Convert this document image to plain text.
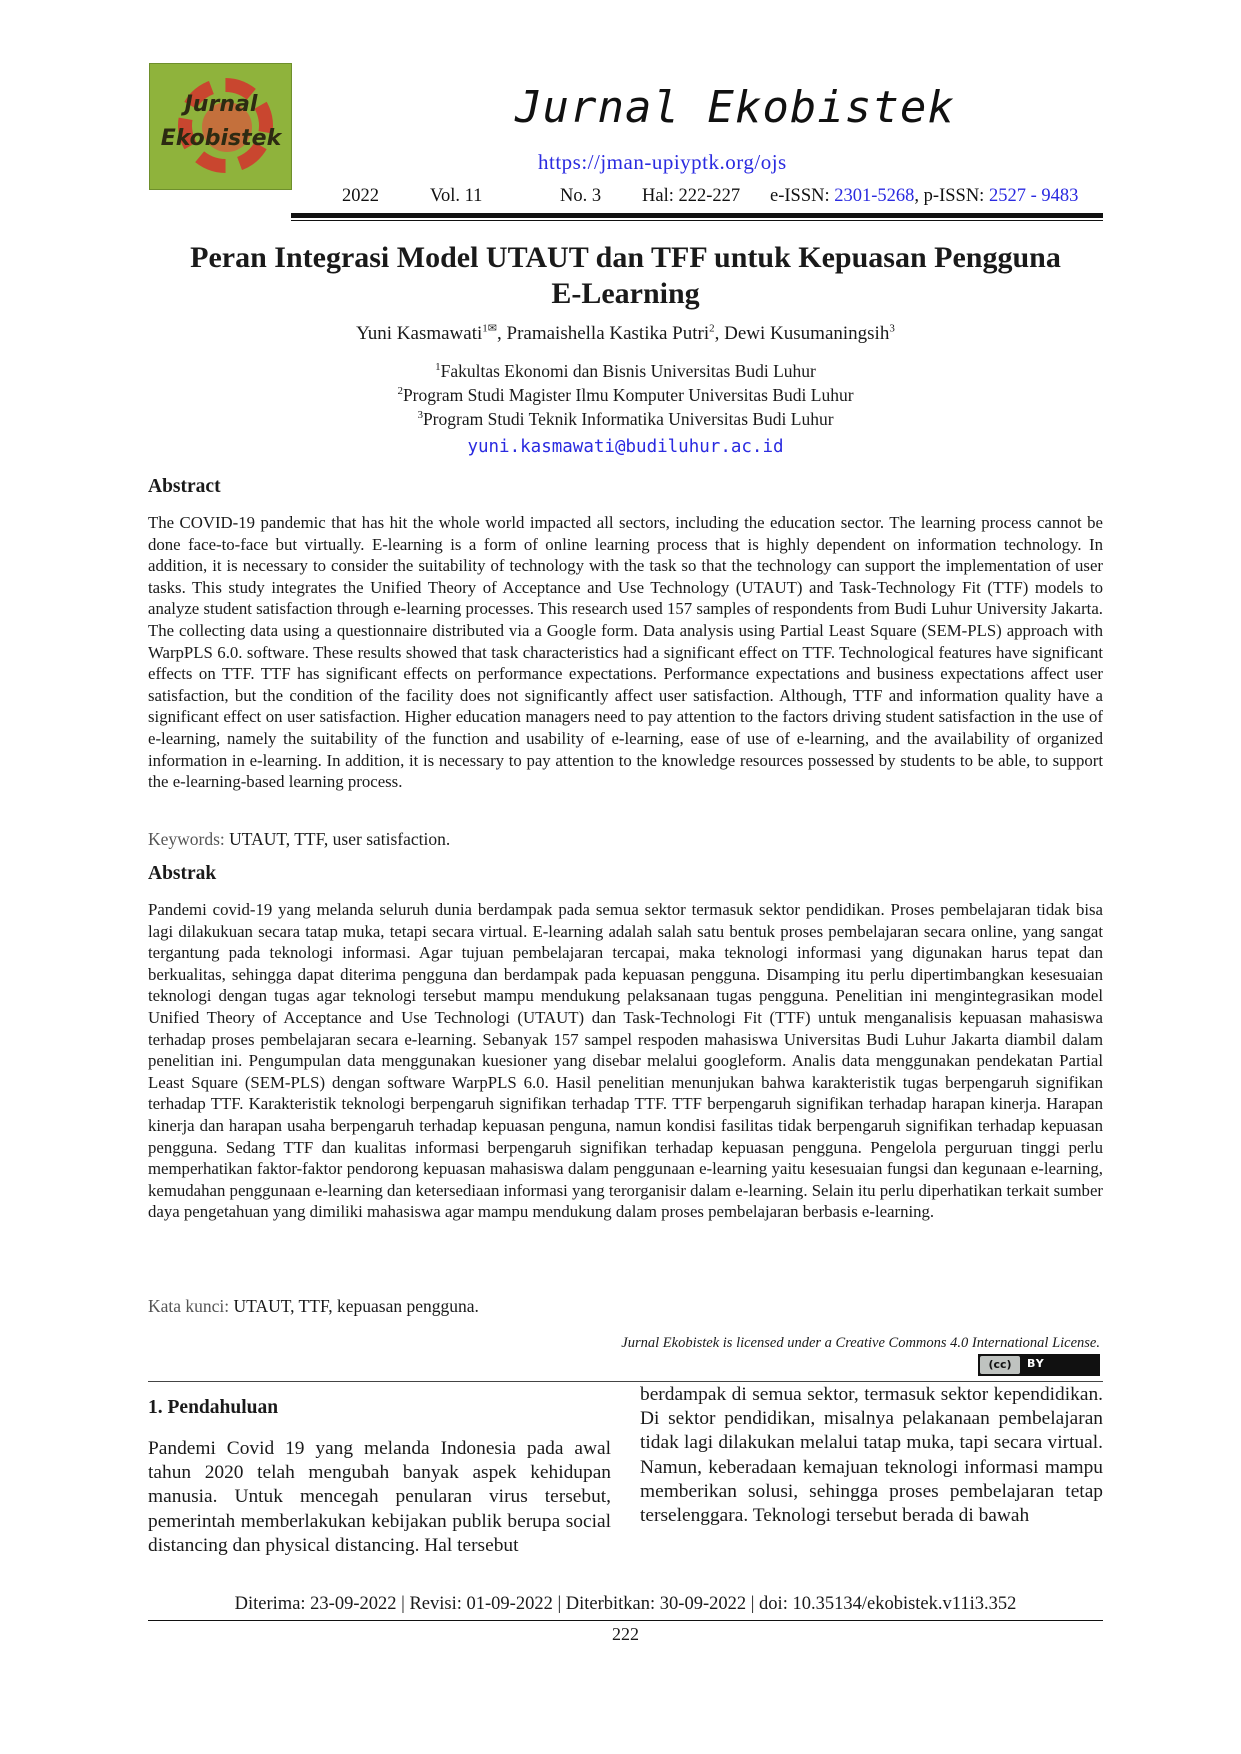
Jurnal
Ekobistek
Jurnal Ekobistek
https://jman-upiyptk.org/ojs
2022	Vol. 11	No. 3 Hal: 222-227 e-ISSN: 2301-5268, p-ISSN: 2527 - 9483
Peran Integrasi Model UTAUT dan TFF untuk Kepuasan Pengguna
E-Learning
Yuni Kasmawati$^{1✉}$, Pramaishella Kastika Putri$^2$, Dewi Kusumaningsih$^3$
$^1$Fakultas Ekonomi dan Bisnis Universitas Budi Luhur
$^2$Program Studi Magister Ilmu Komputer Universitas Budi Luhur
$^3$Program Studi Teknik Informatika Universitas Budi Luhur
yuni.kasmawati@budiluhur.ac.id
Abstract
The COVID-19 pandemic that has hit the whole world impacted all sectors, including the education sector. The learning process cannot be done face-to-face but virtually. E-learning is a form of online learning process that is highly dependent on information technology. In addition, it is necessary to consider the suitability of technology with the task so that the technology can support the implementation of user tasks. This study integrates the Unified Theory of Acceptance and Use Technology (UTAUT) and Task-Technology Fit (TTF) models to analyze student satisfaction through e-learning processes. This research used 157 samples of respondents from Budi Luhur University Jakarta. The collecting data using a questionnaire distributed via a Google form. Data analysis using Partial Least Square (SEM-PLS) approach with WarpPLS 6.0. software. These results showed that task characteristics had a significant effect on TTF. Technological features have significant effects on TTF. TTF has significant effects on performance expectations. Performance expectations and business expectations affect user satisfaction, but the condition of the facility does not significantly affect user satisfaction. Although, TTF and information quality have a significant effect on user satisfaction. Higher education managers need to pay attention to the factors driving student satisfaction in the use of e-learning, namely the suitability of the function and usability of e-learning, ease of use of e-learning, and the availability of organized information in e-learning. In addition, it is necessary to pay attention to the knowledge resources possessed by students to be able, to support the e-learning-based learning process.
Keywords: UTAUT, TTF, user satisfaction.
Abstrak
Pandemi covid-19 yang melanda seluruh dunia berdampak pada semua sektor termasuk sektor pendidikan. Proses pembelajaran tidak bisa lagi dilakukuan secara tatap muka, tetapi secara virtual. E-learning adalah salah satu bentuk proses pembelajaran secara online, yang sangat tergantung pada teknologi informasi. Agar tujuan pembelajaran tercapai, maka teknologi informasi yang digunakan harus tepat dan berkualitas, sehingga dapat diterima pengguna dan berdampak pada kepuasan pengguna. Disamping itu perlu dipertimbangkan kesesuaian teknologi dengan tugas agar teknologi tersebut mampu mendukung pelaksanaan tugas pengguna. Penelitian ini mengintegrasikan model Unified Theory of Acceptance and Use Technologi (UTAUT) dan Task-Technologi Fit (TTF) untuk menganalisis kepuasan mahasiswa terhadap proses pembelajaran secara e-learning. Sebanyak 157 sampel respoden mahasiswa Universitas Budi Luhur Jakarta diambil dalam penelitian ini. Pengumpulan data menggunakan kuesioner yang disebar melalui googleform. Analis data menggunakan pendekatan Partial Least Square (SEM-PLS) dengan software WarpPLS 6.0. Hasil penelitian menunjukan bahwa karakteristik tugas berpengaruh signifikan terhadap TTF. Karakteristik teknologi berpengaruh signifikan terhadap TTF. TTF berpengaruh signifikan terhadap harapan kinerja. Harapan kinerja dan harapan usaha berpengaruh terhadap kepuasan penguna, namun kondisi fasilitas tidak berpengaruh signifikan terhadap kepuasan pengguna. Sedang TTF dan kualitas informasi berpengaruh signifikan terhadap kepuasan pengguna. Pengelola perguruan tinggi perlu memperhatikan faktor-faktor pendorong kepuasan mahasiswa dalam penggunaan e-learning yaitu kesesuaian fungsi dan kegunaan e-learning, kemudahan penggunaan e-learning dan ketersediaan informasi yang terorganisir dalam e-learning. Selain itu perlu diperhatikan terkait sumber daya pengetahuan yang dimiliki mahasiswa agar mampu mendukung dalam proses pembelajaran berbasis e-learning.
Kata kunci: UTAUT, TTF, kepuasan pengguna.
Jurnal Ekobistek is licensed under a Creative Commons 4.0 International License.
(cc)	BY
1. Pendahuluan
Pandemi Covid 19 yang melanda Indonesia pada awal tahun 2020 telah mengubah banyak aspek kehidupan manusia. Untuk mencegah penularan virus tersebut, pemerintah memberlakukan kebijakan publik berupa social distancing dan physical distancing. Hal tersebut
berdampak di semua sektor, termasuk sektor kependidikan. Di sektor pendidikan, misalnya pelakanaan pembelajaran tidak lagi dilakukan melalui tatap muka, tapi secara virtual. Namun, keberadaan kemajuan teknologi informasi mampu memberikan solusi, sehingga proses pembelajaran tetap terselenggara. Teknologi tersebut berada di bawah
Diterima: 23-09-2022 | Revisi: 01-09-2022 | Diterbitkan: 30-09-2022 | doi: 10.35134/ekobistek.v11i3.352
222
